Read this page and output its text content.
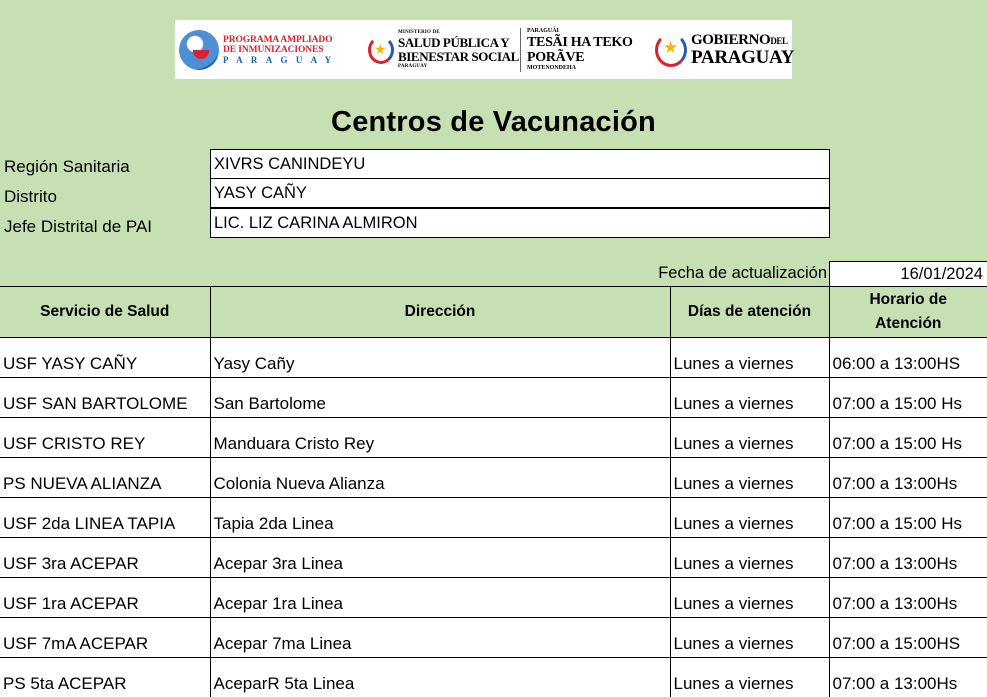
PROGRAMA AMPLIADO
DE INMUNIZACIONES
PARAGUAY
★
MINISTERIO DE
SALUD PÚBLICA Y
BIENESTAR SOCIAL
PARAGUAY
PARAGUÁI
TESÃI HA TEKO
PORÃVE
MOTENONDEHA
★ GOBIERNODEL
PARAGUAY
Centros de Vacunación
Región Sanitaria	XIVRS CANINDEYU
Distrito	YASY CAÑY
Jefe Distrital de PAI	LIC. LIZ CARINA ALMIRON
Fecha de actualización	16/01/2024
Servicio de Salud	Dirección	Días de atención	Horario de Atención
USF YASY CAÑY	Yasy Cañy	Lunes a viernes	06:00 a 13:00HS
USF SAN BARTOLOME	San Bartolome	Lunes a viernes	07:00 a 15:00 Hs
USF CRISTO REY	Manduara Cristo Rey	Lunes a viernes	07:00 a 15:00 Hs
PS NUEVA ALIANZA	Colonia Nueva Alianza	Lunes a viernes	07:00 a 13:00Hs
USF 2da LINEA TAPIA	Tapia 2da Linea	Lunes a viernes	07:00 a 15:00 Hs
USF 3ra ACEPAR	Acepar 3ra Linea	Lunes a viernes	07:00 a 13:00Hs
USF 1ra ACEPAR	Acepar 1ra Linea	Lunes a viernes	07:00 a 13:00Hs
USF 7mA ACEPAR	Acepar 7ma Linea	Lunes a viernes	07:00 a 15:00HS
PS 5ta ACEPAR	AceparR 5ta Linea	Lunes a viernes	07:00 a 13:00Hs
